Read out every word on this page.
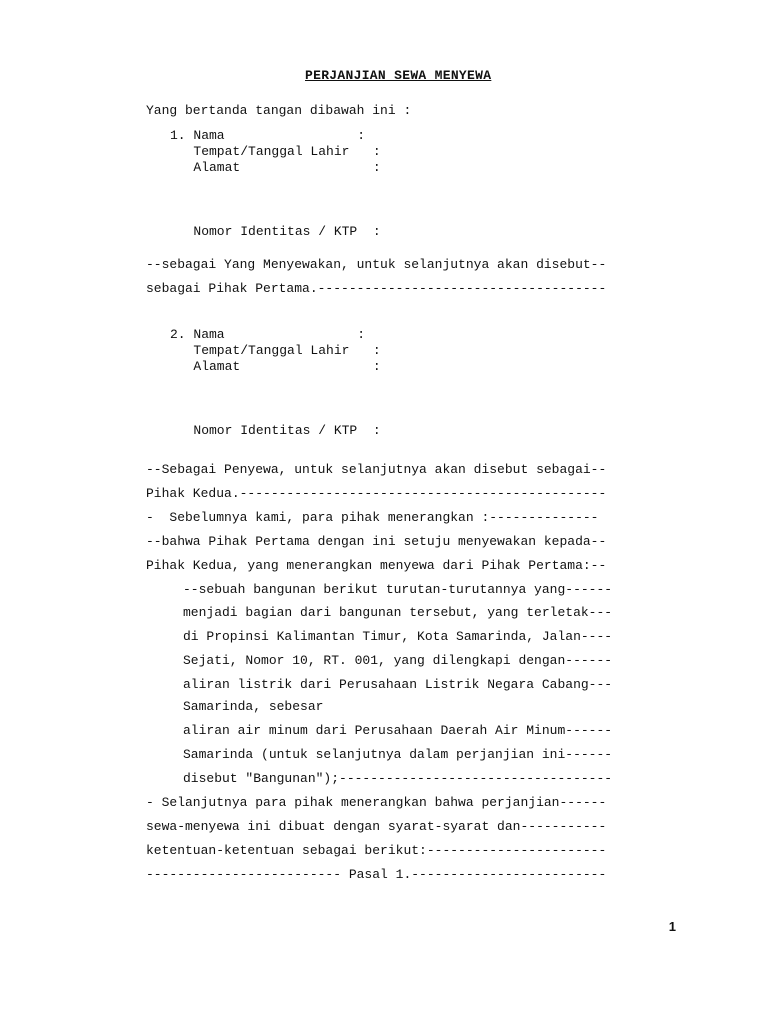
PERJANJIAN SEWA MENYEWA
Yang bertanda tangan dibawah ini :
1. Nama                 :
Tempat/Tanggal Lahir   :
Alamat                 :
Nomor Identitas / KTP  :
--sebagai Yang Menyewakan, untuk selanjutnya akan disebut--
sebagai Pihak Pertama.-------------------------------------
2. Nama                 :
Tempat/Tanggal Lahir   :
Alamat                 :
Nomor Identitas / KTP  :
--Sebagai Penyewa, untuk selanjutnya akan disebut sebagai--
Pihak Kedua.-----------------------------------------------
-  Sebelumnya kami, para pihak menerangkan :--------------
--bahwa Pihak Pertama dengan ini setuju menyewakan kepada--
Pihak Kedua, yang menerangkan menyewa dari Pihak Pertama:--
--sebuah bangunan berikut turutan-turutannya yang------
menjadi bagian dari bangunan tersebut, yang terletak---
di Propinsi Kalimantan Timur, Kota Samarinda, Jalan----
Sejati, Nomor 10, RT. 001, yang dilengkapi dengan------
aliran listrik dari Perusahaan Listrik Negara Cabang---
Samarinda, sebesar
aliran air minum dari Perusahaan Daerah Air Minum------
Samarinda (untuk selanjutnya dalam perjanjian ini------
disebut "Bangunan");-----------------------------------
- Selanjutnya para pihak menerangkan bahwa perjanjian------
sewa-menyewa ini dibuat dengan syarat-syarat dan-----------
ketentuan-ketentuan sebagai berikut:-----------------------
------------------------- Pasal 1.-------------------------
1
